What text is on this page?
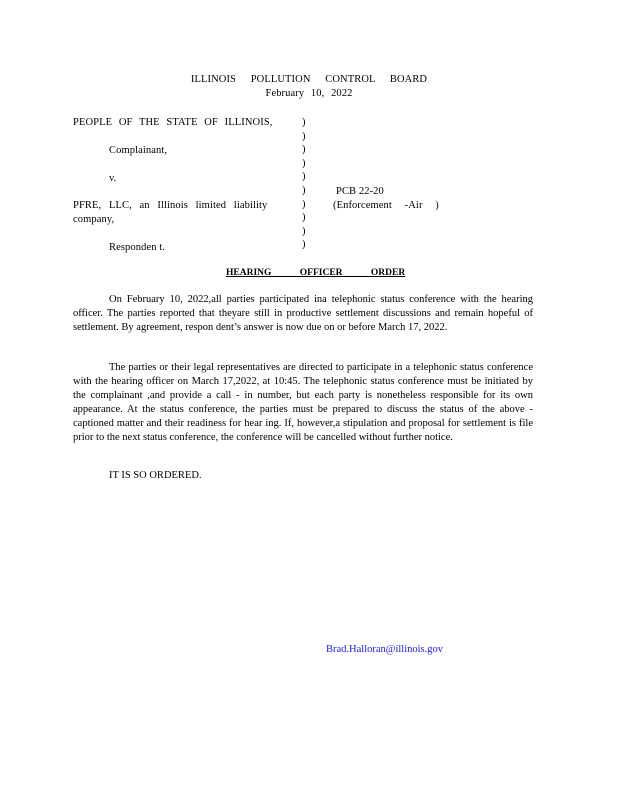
ILLINOIS POLLUTION CONTROL BOARD
February 10, 2022
PEOPLE OF THE STATE OF ILLINOIS,
Complainant,
v.
PFRE, LLC, an Illinois limited liability
company,
Responden t.
PCB 22-20
(Enforcement -Air )
)
)
)
)
)
)
)
)
)
)
HEARING OFFICER ORDER
On February 10, 2022,all parties participated ina telephonic status conference with the hearing officer. The parties reported that theyare still in productive settlement discussions and remain hopeful of settlement. By agreement, respon dent’s answer is now due on or before March 17, 2022.
The parties or their legal representatives are directed to participate in a telephonic status conference with the hearing officer on March 17,2022, at 10:45. The telephonic status conference must be initiated by the complainant ,and provide a call - in number, but each party is nonetheless responsible for its own appearance. At the status conference, the parties must be prepared to discuss the status of the above -captioned matter and their readiness for hear ing. If, however,a stipulation and proposal for settlement is file prior to the next status conference, the conference will be cancelled without further notice.
IT IS SO ORDERED.
Brad.Halloran@illinois.gov
